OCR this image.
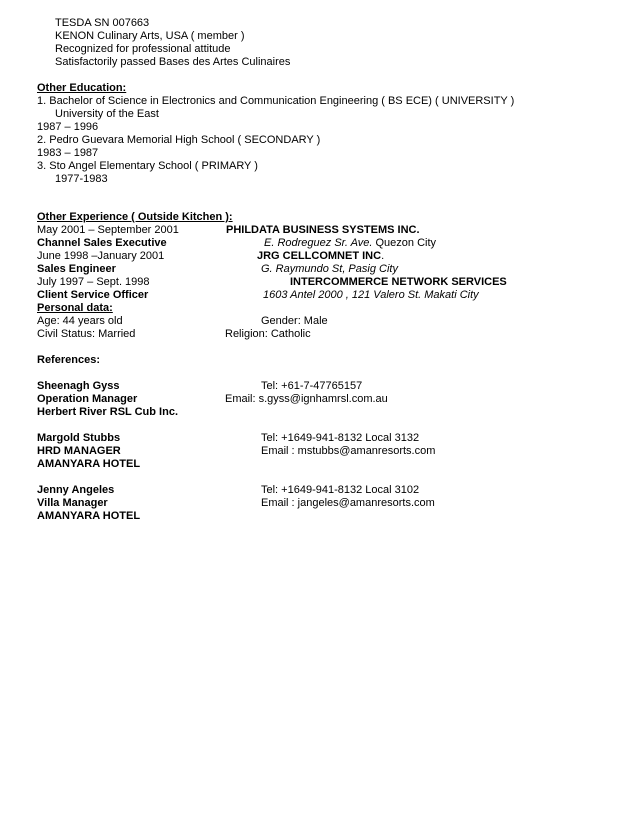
TESDA SN 007663
KENON Culinary Arts, USA ( member )
Recognized for professional attitude
Satisfactorily passed Bases des Artes Culinaires
Other Education:
1. Bachelor of Science in Electronics and Communication Engineering ( BS ECE) ( UNIVERSITY )
University of the East
1987 – 1996
2. Pedro Guevara Memorial High School ( SECONDARY )
1983 – 1987
3. Sto Angel Elementary School ( PRIMARY )
1977-1983
Other Experience ( Outside Kitchen ):
May 2001 – September 2001	PHILDATA BUSINESS SYSTEMS INC.
Channel Sales Executive	E. Rodreguez Sr. Ave. Quezon City
June 1998 –January 2001	JRG CELLCOMNET INC.
Sales Engineer	G. Raymundo St, Pasig City
July 1997 – Sept. 1998	INTERCOMMERCE NETWORK SERVICES
Client Service Officer	1603 Antel 2000 , 121 Valero St. Makati City
Personal data:
Age: 44 years old	Gender: Male
Civil Status: Married	Religion: Catholic
References:
Sheenagh Gyss	Tel: +61-7-47765157
Operation Manager	Email: s.gyss@ignhamrsl.com.au
Herbert River RSL Cub Inc.
Margold Stubbs	Tel: +1649-941-8132 Local 3132
HRD MANAGER	Email : mstubbs@amanresorts.com
AMANYARA HOTEL
Jenny Angeles	Tel: +1649-941-8132 Local 3102
Villa Manager	Email : jangeles@amanresorts.com
AMANYARA HOTEL
